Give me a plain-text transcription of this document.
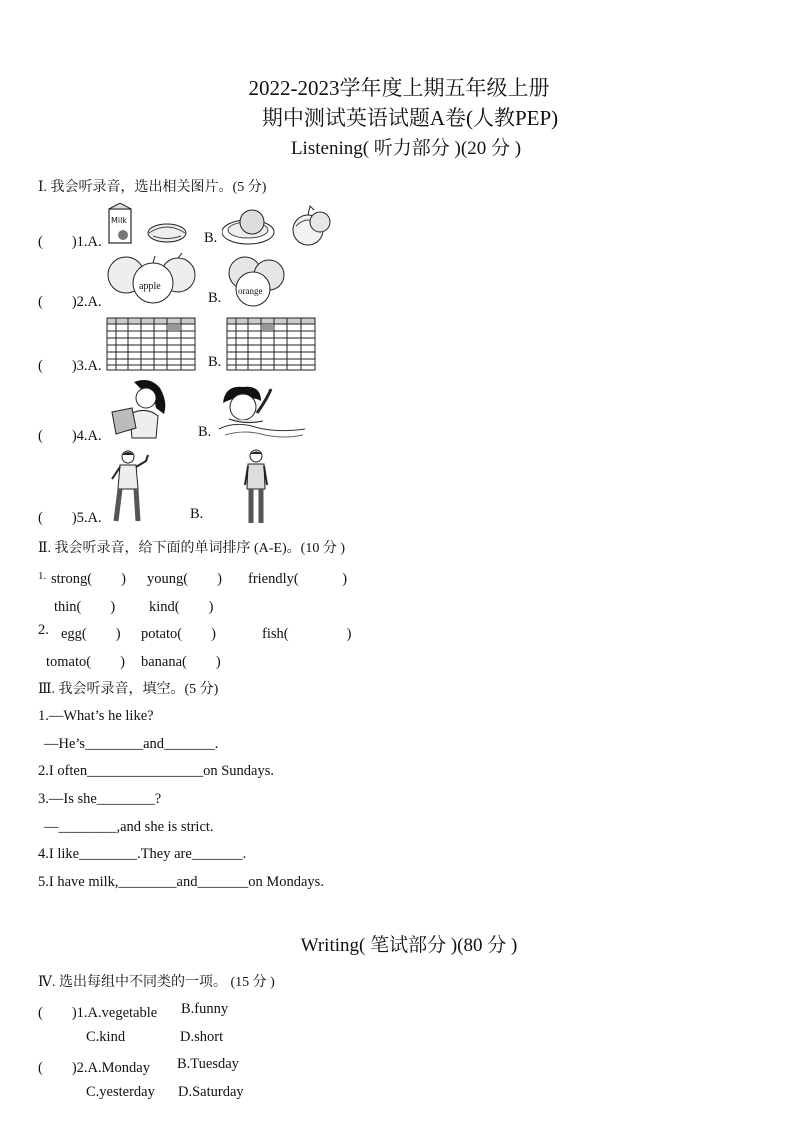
2022-2023学年度上期五年级上册
期中测试英语试题A卷(人教PEP)
Listening( 听力部分 )(20 分 )
Ⅰ. 我会听录音，选出相关图片。(5 分)
(　　)1.A.
Milk
B.
(　　)2.A.
apple
B. orange
(　　)3.A.	B.
(　　)4.A.	B.
(　　)5.A.	B.
Ⅱ. 我会听录音，给下面的单词排序 (A-E)。(10 分 )
1. strong(　　) young(　　) friendly(　　　)
thin(　　) kind(　　)
2. egg(　　) potato(　　)	fish(　　　　)
tomato(　　) banana(　　)
Ⅲ. 我会听录音，填空。(5 分)
1.—What’s he like?
—He’s________and_______.
2.I often________________on Sundays.
3.—Is she________?
—________,and she is strict.
4.I like________.They are_______.
5.I have milk,________and_______on Mondays.
Writing( 笔试部分 )(80 分 )
Ⅳ. 选出每组中不同类的一项。 (15 分 )
(　　)1.A.vegetable B.funny
C.kind	D.short
(　　)2.A.Monday B.Tuesday
C.yesterday D.Saturday
